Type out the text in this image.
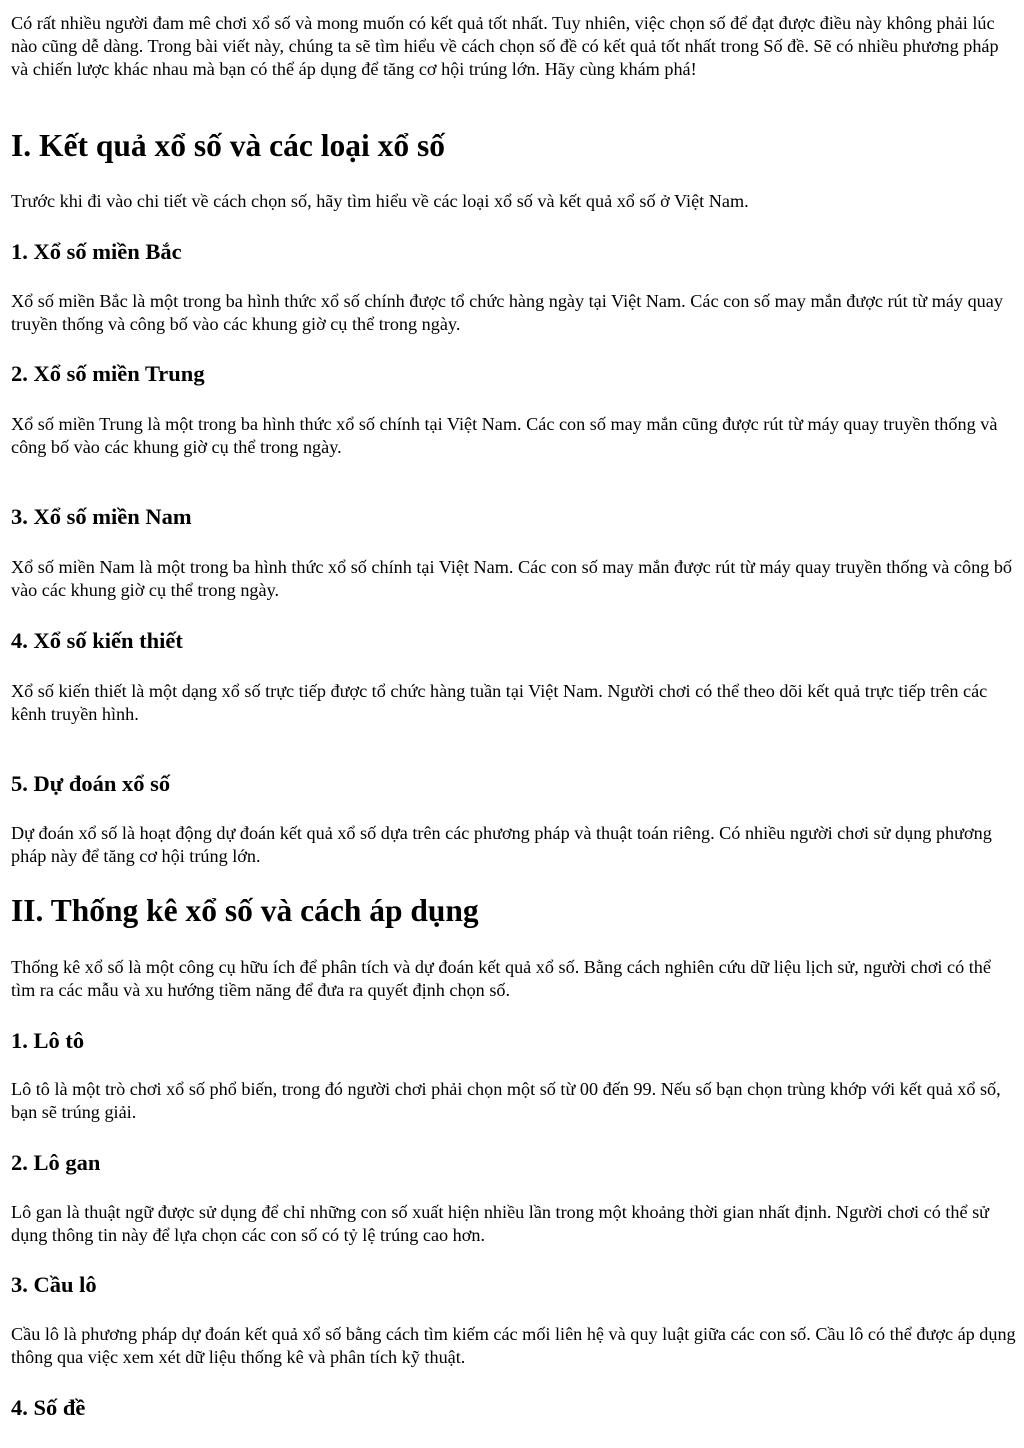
Có rất nhiều người đam mê chơi xổ số và mong muốn có kết quả tốt nhất. Tuy nhiên, việc chọn số để đạt được điều này không phải lúc nào cũng dễ dàng. Trong bài viết này, chúng ta sẽ tìm hiểu về cách chọn số đề có kết quả tốt nhất trong Số đề. Sẽ có nhiều phương pháp và chiến lược khác nhau mà bạn có thể áp dụng để tăng cơ hội trúng lớn. Hãy cùng khám phá!

I. Kết quả xổ số và các loại xổ số

Trước khi đi vào chi tiết về cách chọn số, hãy tìm hiểu về các loại xổ số và kết quả xổ số ở Việt Nam.

1. Xổ số miền Bắc

Xổ số miền Bắc là một trong ba hình thức xổ số chính được tổ chức hàng ngày tại Việt Nam. Các con số may mắn được rút từ máy quay truyền thống và công bố vào các khung giờ cụ thể trong ngày.

2. Xổ số miền Trung

Xổ số miền Trung là một trong ba hình thức xổ số chính tại Việt Nam. Các con số may mắn cũng được rút từ máy quay truyền thống và công bố vào các khung giờ cụ thể trong ngày.

3. Xổ số miền Nam

Xổ số miền Nam là một trong ba hình thức xổ số chính tại Việt Nam. Các con số may mắn được rút từ máy quay truyền thống và công bố vào các khung giờ cụ thể trong ngày.

4. Xổ số kiến thiết

Xổ số kiến thiết là một dạng xổ số trực tiếp được tổ chức hàng tuần tại Việt Nam. Người chơi có thể theo dõi kết quả trực tiếp trên các kênh truyền hình.

5. Dự đoán xổ số

Dự đoán xổ số là hoạt động dự đoán kết quả xổ số dựa trên các phương pháp và thuật toán riêng. Có nhiều người chơi sử dụng phương pháp này để tăng cơ hội trúng lớn.

II. Thống kê xổ số và cách áp dụng

Thống kê xổ số là một công cụ hữu ích để phân tích và dự đoán kết quả xổ số. Bằng cách nghiên cứu dữ liệu lịch sử, người chơi có thể tìm ra các mẫu và xu hướng tiềm năng để đưa ra quyết định chọn số.

1. Lô tô

Lô tô là một trò chơi xổ số phổ biến, trong đó người chơi phải chọn một số từ 00 đến 99. Nếu số bạn chọn trùng khớp với kết quả xổ số, bạn sẽ trúng giải.

2. Lô gan

Lô gan là thuật ngữ được sử dụng để chỉ những con số xuất hiện nhiều lần trong một khoảng thời gian nhất định. Người chơi có thể sử dụng thông tin này để lựa chọn các con số có tỷ lệ trúng cao hơn.

3. Cầu lô

Cầu lô là phương pháp dự đoán kết quả xổ số bằng cách tìm kiếm các mối liên hệ và quy luật giữa các con số. Cầu lô có thể được áp dụng thông qua việc xem xét dữ liệu thống kê và phân tích kỹ thuật.

4. Số đề
